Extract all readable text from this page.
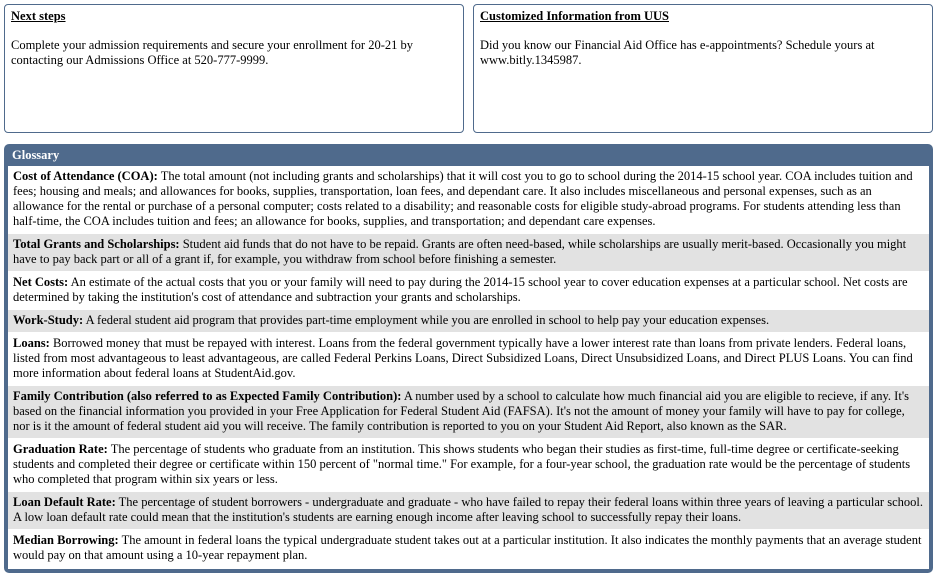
Next steps

Complete your admission requirements and secure your enrollment for 20-21 by contacting our Admissions Office at 520-777-9999.

Customized Information from UUS

Did you know our Financial Aid Office has e-appointments? Schedule yours at www.bitly.1345987.

Glossary
Cost of Attendance (COA): The total amount (not including grants and scholarships) that it will cost you to go to school during the 2014-15 school year. COA includes tuition and fees; housing and meals; and allowances for books, supplies, transportation, loan fees, and dependant care. It also includes miscellaneous and personal expenses, such as an allowance for the rental or purchase of a personal computer; costs related to a disability; and reasonable costs for eligible study-abroad programs. For students attending less than half-time, the COA includes tuition and fees; an allowance for books, supplies, and transportation; and dependant care expenses.
Total Grants and Scholarships: Student aid funds that do not have to be repaid. Grants are often need-based, while scholarships are usually merit-based. Occasionally you might have to pay back part or all of a grant if, for example, you withdraw from school before finishing a semester.
Net Costs: An estimate of the actual costs that you or your family will need to pay during the 2014-15 school year to cover education expenses at a particular school. Net costs are determined by taking the institution's cost of attendance and subtraction your grants and scholarships.
Work-Study: A federal student aid program that provides part-time employment while you are enrolled in school to help pay your education expenses.
Loans: Borrowed money that must be repayed with interest. Loans from the federal government typically have a lower interest rate than loans from private lenders. Federal loans, listed from most advantageous to least advantageous, are called Federal Perkins Loans, Direct Subsidized Loans, Direct Unsubsidized Loans, and Direct PLUS Loans. You can find more information about federal loans at StudentAid.gov.
Family Contribution (also referred to as Expected Family Contribution): A number used by a school to calculate how much financial aid you are eligible to recieve, if any. It's based on the financial information you provided in your Free Application for Federal Student Aid (FAFSA). It's not the amount of money your family will have to pay for college, nor is it the amount of federal student aid you will receive. The family contribution is reported to you on your Student Aid Report, also known as the SAR.
Graduation Rate: The percentage of students who graduate from an institution. This shows students who began their studies as first-time, full-time degree or certificate-seeking students and completed their degree or certificate within 150 percent of "normal time." For example, for a four-year school, the graduation rate would be the percentage of students who completed that program within six years or less.
Loan Default Rate: The percentage of student borrowers - undergraduate and graduate - who have failed to repay their federal loans within three years of leaving a particular school. A low loan default rate could mean that the institution's students are earning enough income after leaving school to successfully repay their loans.
Median Borrowing: The amount in federal loans the typical undergraduate student takes out at a particular institution. It also indicates the monthly payments that an average student would pay on that amount using a 10-year repayment plan.
